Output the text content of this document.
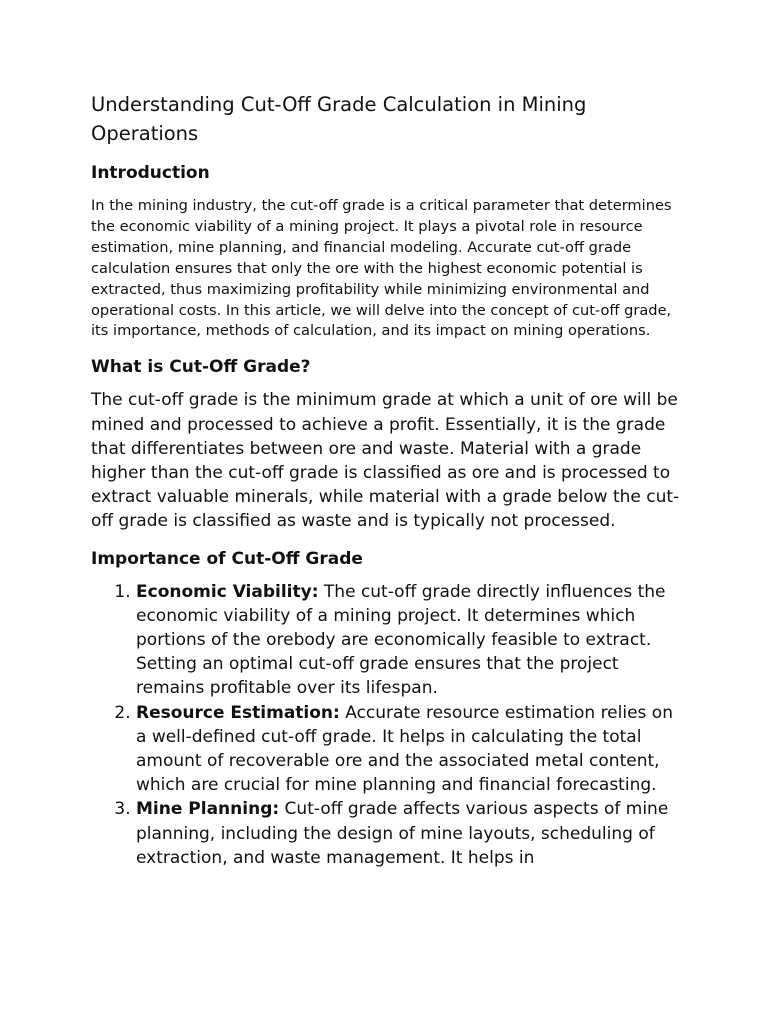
Understanding Cut-Off Grade Calculation in Mining Operations
Introduction

In the mining industry, the cut-off grade is a critical parameter that determines the economic viability of a mining project. It plays a pivotal role in resource estimation, mine planning, and financial modeling. Accurate cut-off grade calculation ensures that only the ore with the highest economic potential is extracted, thus maximizing profitability while minimizing environmental and operational costs. In this article, we will delve into the concept of cut-off grade, its importance, methods of calculation, and its impact on mining operations.

What is Cut-Off Grade?

The cut-off grade is the minimum grade at which a unit of ore will be mined and processed to achieve a profit. Essentially, it is the grade that differentiates between ore and waste. Material with a grade higher than the cut-off grade is classified as ore and is processed to extract valuable minerals, while material with a grade below the cut-off grade is classified as waste and is typically not processed.

Importance of Cut-Off Grade
1. Economic Viability: The cut-off grade directly influences the economic viability of a mining project. It determines which portions of the orebody are economically feasible to extract. Setting an optimal cut-off grade ensures that the project remains profitable over its lifespan.
2. Resource Estimation: Accurate resource estimation relies on a well-defined cut-off grade. It helps in calculating the total amount of recoverable ore and the associated metal content, which are crucial for mine planning and financial forecasting.
3. Mine Planning: Cut-off grade affects various aspects of mine planning, including the design of mine layouts, scheduling of extraction, and waste management. It helps in
